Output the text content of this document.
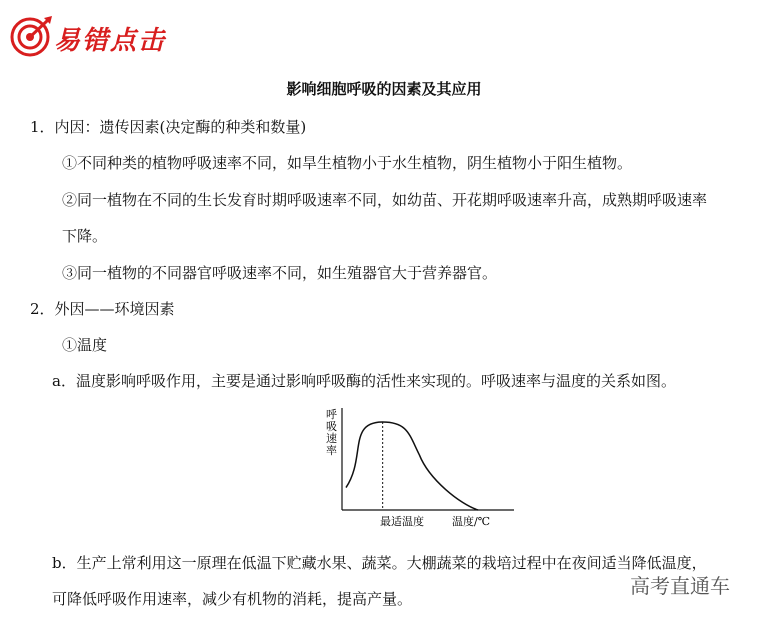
易错点击
影响细胞呼吸的因素及其应用
1．内因：遗传因素(决定酶的种类和数量)
①不同种类的植物呼吸速率不同，如旱生植物小于水生植物，阴生植物小于阳生植物。
②同一植物在不同的生长发育时期呼吸速率不同，如幼苗、开花期呼吸速率升高，成熟期呼吸速率
下降。
③同一植物的不同器官呼吸速率不同，如生殖器官大于营养器官。
2．外因——环境因素
①温度
a．温度影响呼吸作用，主要是通过影响呼吸酶的活性来实现的。呼吸速率与温度的关系如图。
呼吸速率
最适温度	温度/℃
b．生产上常利用这一原理在低温下贮藏水果、蔬菜。大棚蔬菜的栽培过程中在夜间适当降低温度，
可降低呼吸作用速率，减少有机物的消耗，提高产量。
高考直通车
